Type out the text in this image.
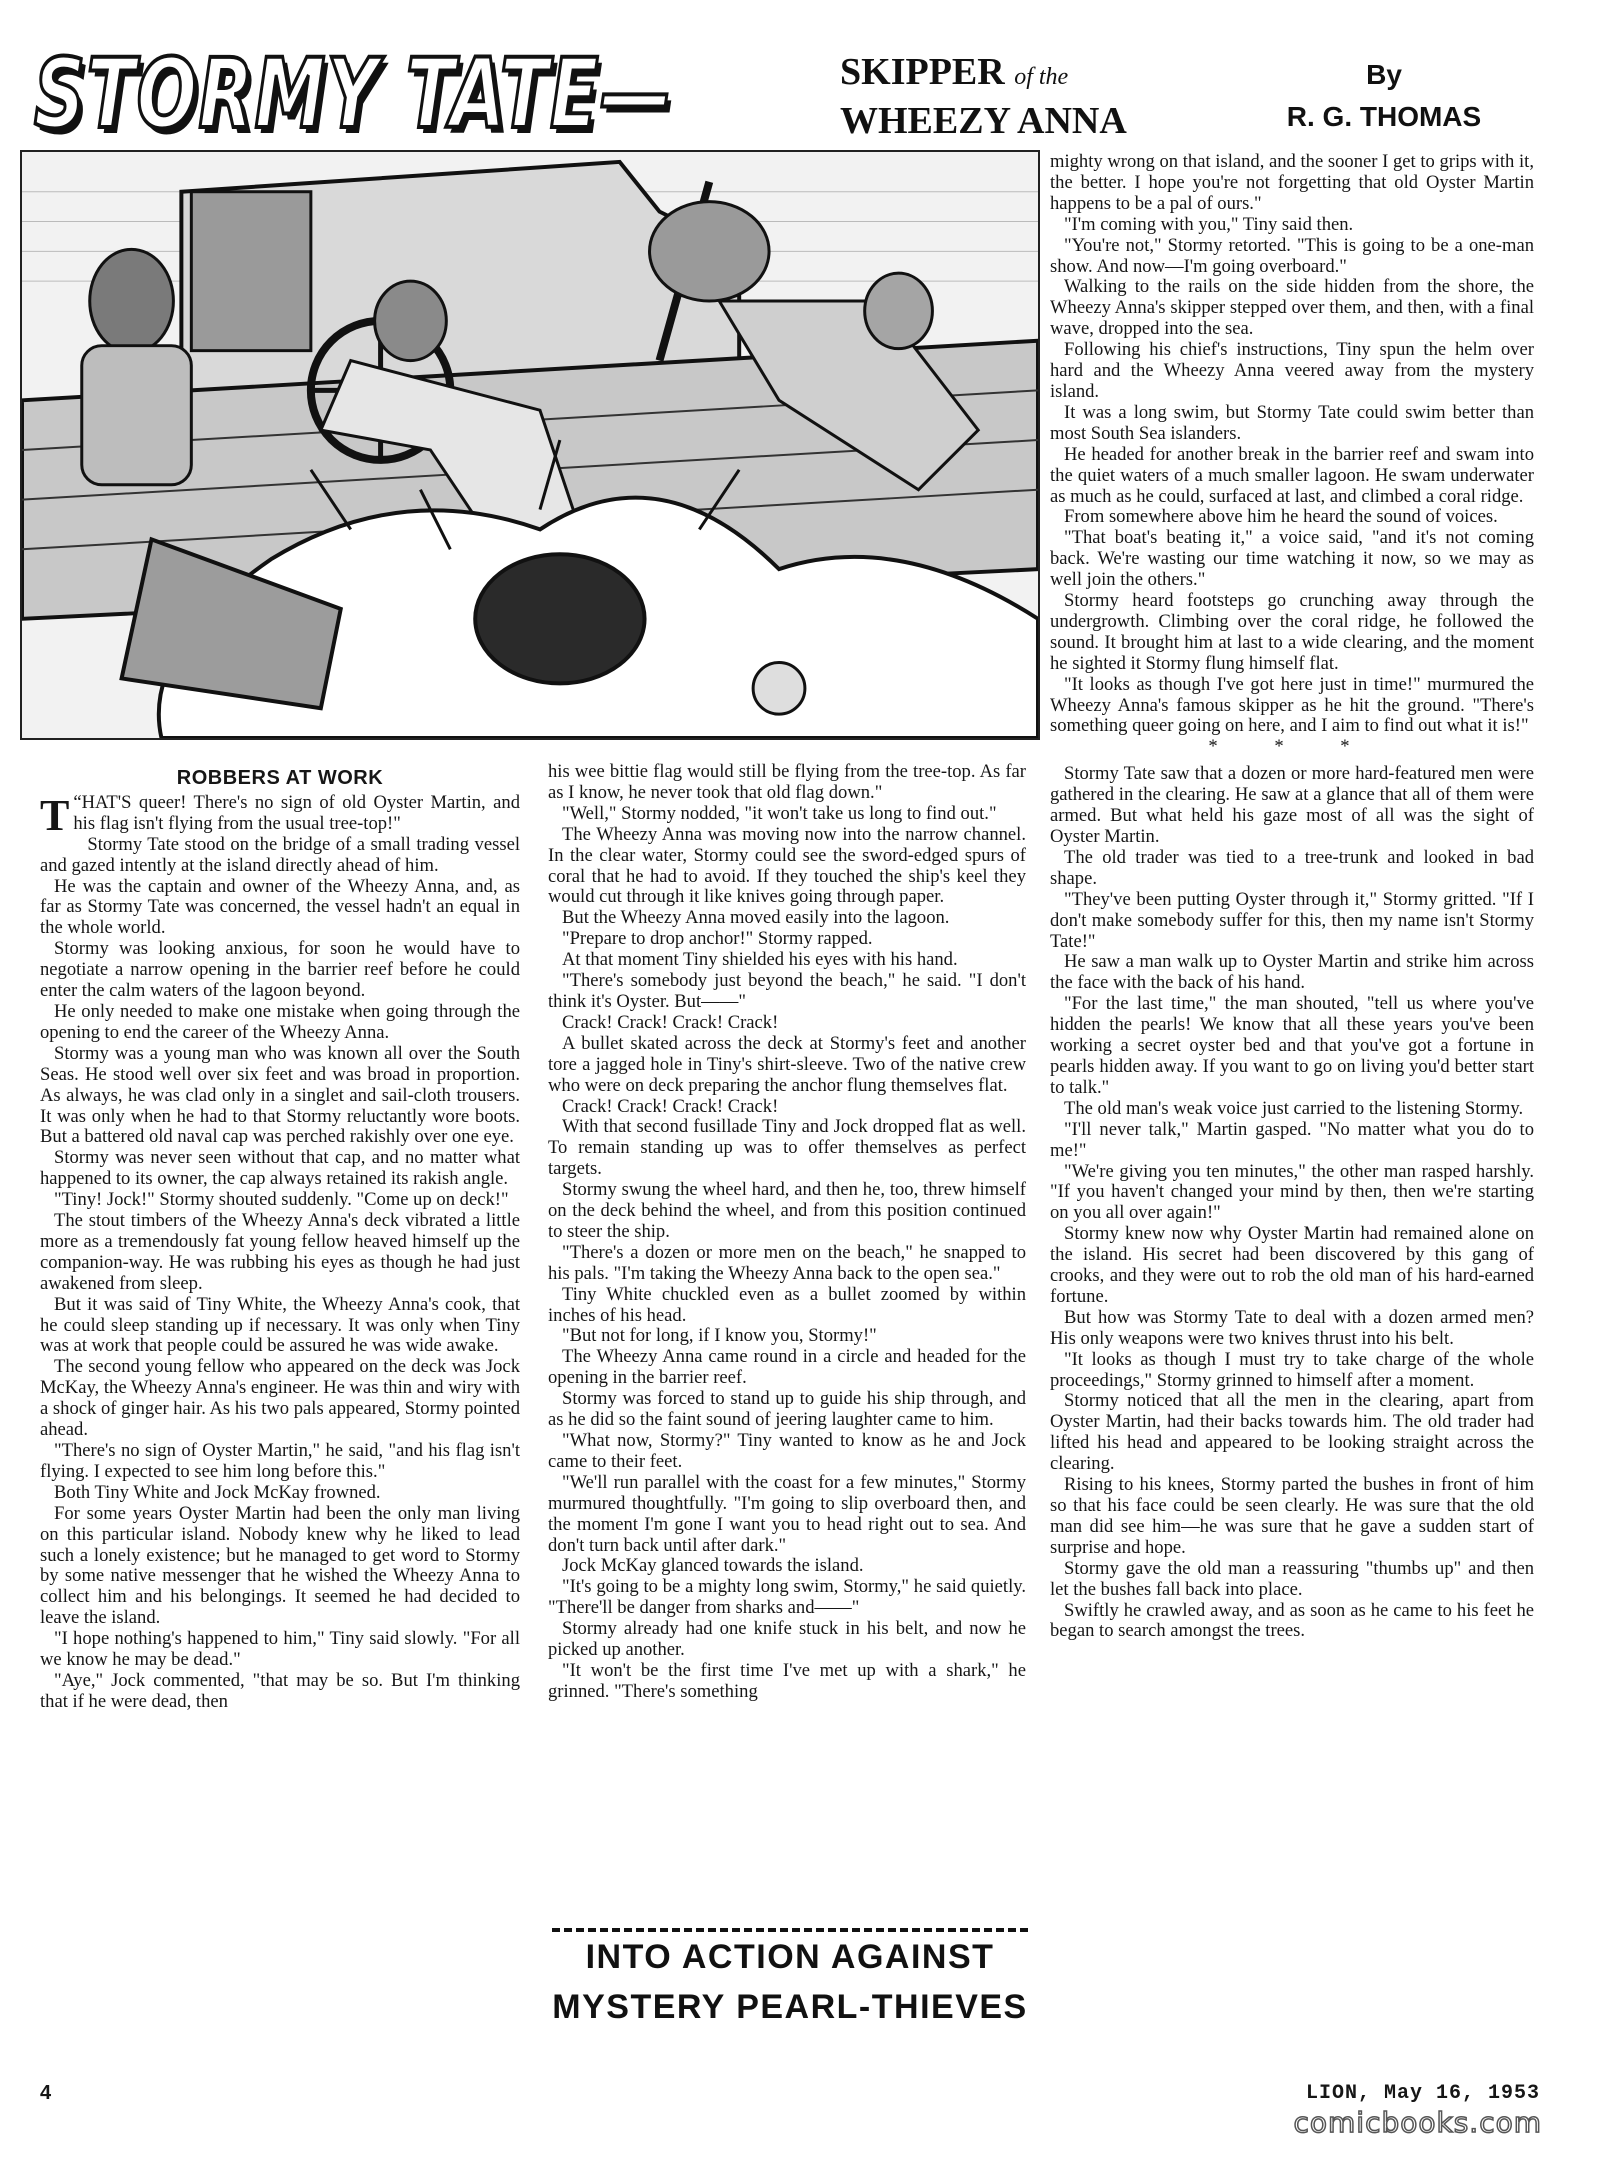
STORMY TATE—	SKIPPER of the
WHEEZY ANNA
By
R. G. THOMAS

ROBBERS AT WORK

“
T HAT'S queer! There's no sign of old Oyster Martin, and his flag isn't flying from the usual tree-top!"

Stormy Tate stood on the bridge of a small trading vessel and gazed intently at the island directly ahead of him.

He was the captain and owner of the Wheezy Anna, and, as far as Stormy Tate was concerned, the vessel hadn't an equal in the whole world.

Stormy was looking anxious, for soon he would have to negotiate a narrow opening in the barrier reef before he could enter the calm waters of the lagoon beyond.

He only needed to make one mistake when going through the opening to end the career of the Wheezy Anna.

Stormy was a young man who was known all over the South Seas. He stood well over six feet and was broad in proportion. As always, he was clad only in a singlet and sail-cloth trousers. It was only when he had to that Stormy reluctantly wore boots. But a battered old naval cap was perched rakishly over one eye.

Stormy was never seen without that cap, and no matter what happened to its owner, the cap always retained its rakish angle.

"Tiny! Jock!" Stormy shouted suddenly. "Come up on deck!"

The stout timbers of the Wheezy Anna's deck vibrated a little more as a tremendously fat young fellow heaved himself up the companion-way. He was rubbing his eyes as though he had just awakened from sleep.

But it was said of Tiny White, the Wheezy Anna's cook, that he could sleep standing up if necessary. It was only when Tiny was at work that people could be assured he was wide awake.

The second young fellow who appeared on the deck was Jock McKay, the Wheezy Anna's engineer. He was thin and wiry with a shock of ginger hair. As his two pals appeared, Stormy pointed ahead.

"There's no sign of Oyster Martin," he said, "and his flag isn't flying. I expected to see him long before this."

Both Tiny White and Jock McKay frowned.

For some years Oyster Martin had been the only man living on this particular island. Nobody knew why he liked to lead such a lonely existence; but he managed to get word to Stormy by some native messenger that he wished the Wheezy Anna to collect him and his belongings. It seemed he had decided to leave the island.

"I hope nothing's happened to him," Tiny said slowly. "For all we know he may be dead."

"Aye," Jock commented, "that may be so. But I'm thinking that if he were dead, then

his wee bittie flag would still be flying from the tree-top. As far as I know, he never took that old flag down."

"Well," Stormy nodded, "it won't take us long to find out."

The Wheezy Anna was moving now into the narrow channel. In the clear water, Stormy could see the sword-edged spurs of coral that he had to avoid. If they touched the ship's keel they would cut through it like knives going through paper.

But the Wheezy Anna moved easily into the lagoon.

"Prepare to drop anchor!" Stormy rapped.

At that moment Tiny shielded his eyes with his hand.

"There's somebody just beyond the beach," he said. "I don't think it's Oyster. But——"

Crack! Crack! Crack! Crack!

A bullet skated across the deck at Stormy's feet and another tore a jagged hole in Tiny's shirt-sleeve. Two of the native crew who were on deck preparing the anchor flung themselves flat.

Crack! Crack! Crack! Crack!

With that second fusillade Tiny and Jock dropped flat as well. To remain standing up was to offer themselves as perfect targets.

Stormy swung the wheel hard, and then he, too, threw himself on the deck behind the wheel, and from this position continued to steer the ship.

"There's a dozen or more men on the beach," he snapped to his pals. "I'm taking the Wheezy Anna back to the open sea."

Tiny White chuckled even as a bullet zoomed by within inches of his head.

"But not for long, if I know you, Stormy!"

The Wheezy Anna came round in a circle and headed for the opening in the barrier reef.

Stormy was forced to stand up to guide his ship through, and as he did so the faint sound of jeering laughter came to him.

"What now, Stormy?" Tiny wanted to know as he and Jock came to their feet.

"We'll run parallel with the coast for a few minutes," Stormy murmured thoughtfully. "I'm going to slip overboard then, and the moment I'm gone I want you to head right out to sea. And don't turn back until after dark."

Jock McKay glanced towards the island.

"It's going to be a mighty long swim, Stormy," he said quietly. "There'll be danger from sharks and——"

Stormy already had one knife stuck in his belt, and now he picked up another.

"It won't be the first time I've met up with a shark," he grinned. "There's something

INTO ACTION AGAINST
MYSTERY PEARL-THIEVES

mighty wrong on that island, and the sooner I get to grips with it, the better. I hope you're not forgetting that old Oyster Martin happens to be a pal of ours."

"I'm coming with you," Tiny said then.

"You're not," Stormy retorted. "This is going to be a one-man show. And now—I'm going overboard."

Walking to the rails on the side hidden from the shore, the Wheezy Anna's skipper stepped over them, and then, with a final wave, dropped into the sea.

Following his chief's instructions, Tiny spun the helm over hard and the Wheezy Anna veered away from the mystery island.

It was a long swim, but Stormy Tate could swim better than most South Sea islanders.

He headed for another break in the barrier reef and swam into the quiet waters of a much smaller lagoon. He swam underwater as much as he could, surfaced at last, and climbed a coral ridge.

From somewhere above him he heard the sound of voices.

"That boat's beating it," a voice said, "and it's not coming back. We're wasting our time watching it now, so we may as well join the others."

Stormy heard footsteps go crunching away through the undergrowth. Climbing over the coral ridge, he followed the sound. It brought him at last to a wide clearing, and the moment he sighted it Stormy flung himself flat.

"It looks as though I've got here just in time!" murmured the Wheezy Anna's famous skipper as he hit the ground. "There's something queer going on here, and I aim to find out what it is!"

* * *

Stormy Tate saw that a dozen or more hard-featured men were gathered in the clearing. He saw at a glance that all of them were armed. But what held his gaze most of all was the sight of Oyster Martin.

The old trader was tied to a tree-trunk and looked in bad shape.

"They've been putting Oyster through it," Stormy gritted. "If I don't make somebody suffer for this, then my name isn't Stormy Tate!"

He saw a man walk up to Oyster Martin and strike him across the face with the back of his hand.

"For the last time," the man shouted, "tell us where you've hidden the pearls! We know that all these years you've been working a secret oyster bed and that you've got a fortune in pearls hidden away. If you want to go on living you'd better start to talk."

The old man's weak voice just carried to the listening Stormy.

"I'll never talk," Martin gasped. "No matter what you do to me!"

"We're giving you ten minutes," the other man rasped harshly. "If you haven't changed your mind by then, then we're starting on you all over again!"

Stormy knew now why Oyster Martin had remained alone on the island. His secret had been discovered by this gang of crooks, and they were out to rob the old man of his hard-earned fortune.

But how was Stormy Tate to deal with a dozen armed men? His only weapons were two knives thrust into his belt.

"It looks as though I must try to take charge of the whole proceedings," Stormy grinned to himself after a moment.

Stormy noticed that all the men in the clearing, apart from Oyster Martin, had their backs towards him. The old trader had lifted his head and appeared to be looking straight across the clearing.

Rising to his knees, Stormy parted the bushes in front of him so that his face could be seen clearly. He was sure that the old man did see him—he was sure that he gave a sudden start of surprise and hope.

Stormy gave the old man a reassuring "thumbs up" and then let the bushes fall back into place.

Swiftly he crawled away, and as soon as he came to his feet he began to search amongst the trees.

4	LION, May 16, 1953
comicbooks.com
